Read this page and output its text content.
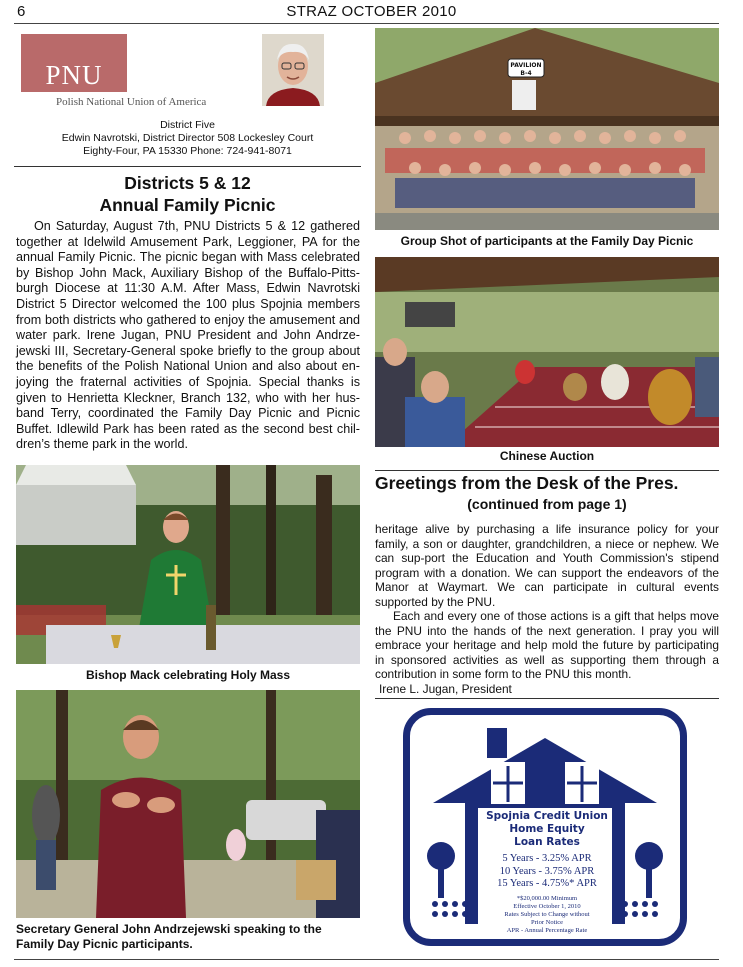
6	STRAZ OCTOBER 2010
PNU
Polish National Union of America
District Five
Edwin Navrotski, District Director 508 Lockesley Court
Eighty-Four, PA 15330 Phone: 724-941-8071
Districts 5 & 12
Annual Family Picnic

On Saturday, August 7th, PNU Districts 5 & 12 gathered together at Idelwild Amusement Park, Leggioner, PA for the annual Family Picnic. The picnic began with Mass celebrated by Bishop John Mack, Auxiliary Bishop of the Buffalo-Pitts-burgh Diocese at 11:30 A.M. After Mass, Edwin Navrotski District 5 Director welcomed the 100 plus Spojnia members from both districts who gathered to enjoy the amusement and water park. Irene Jugan, PNU President and John Andrze-jewski III, Secretary-General spoke briefly to the group about the benefits of the Polish National Union and also about en-joying the fraternal activities of Spojnia. Special thanks is given to Henrietta Kleckner, Branch 132, who with her hus-band Terry, coordinated the Family Day Picnic and Picnic Buffet. Idlewild Park has been rated as the second best chil-dren’s theme park in the world.

Bishop Mack celebrating Holy Mass
Secretary General John Andrzejewski speaking to the Family Day Picnic participants.
PAVILION
B-4
Group Shot of participants at the Family Day Picnic
Chinese Auction
Greetings from the Desk of the Pres.
(continued from page 1)

heritage alive by purchasing a life insurance policy for your family, a son or daughter, grandchildren, a niece or nephew. We can sup-port the Education and Youth Commission's stipend program with a donation. We can support the endeavors of the Manor at Waymart. We can participate in cultural events supported by the PNU.

Each and every one of those actions is a gift that helps move the PNU into the hands of the next generation. I pray you will embrace your heritage and help mold the future by participating in sponsored activities as well as supporting them through a contribution in some form to the PNU this month.

Irene L. Jugan, President

Spojnia Credit Union
Home Equity
Loan Rates
5 Years - 3.25% APR
10 Years - 3.75% APR
15 Years - 4.75%* APR
*$20,000.00 Minimum
Effective October 1, 2010
Rates Subject to Change without
Prior Notice
APR - Annual Percentage Rate
